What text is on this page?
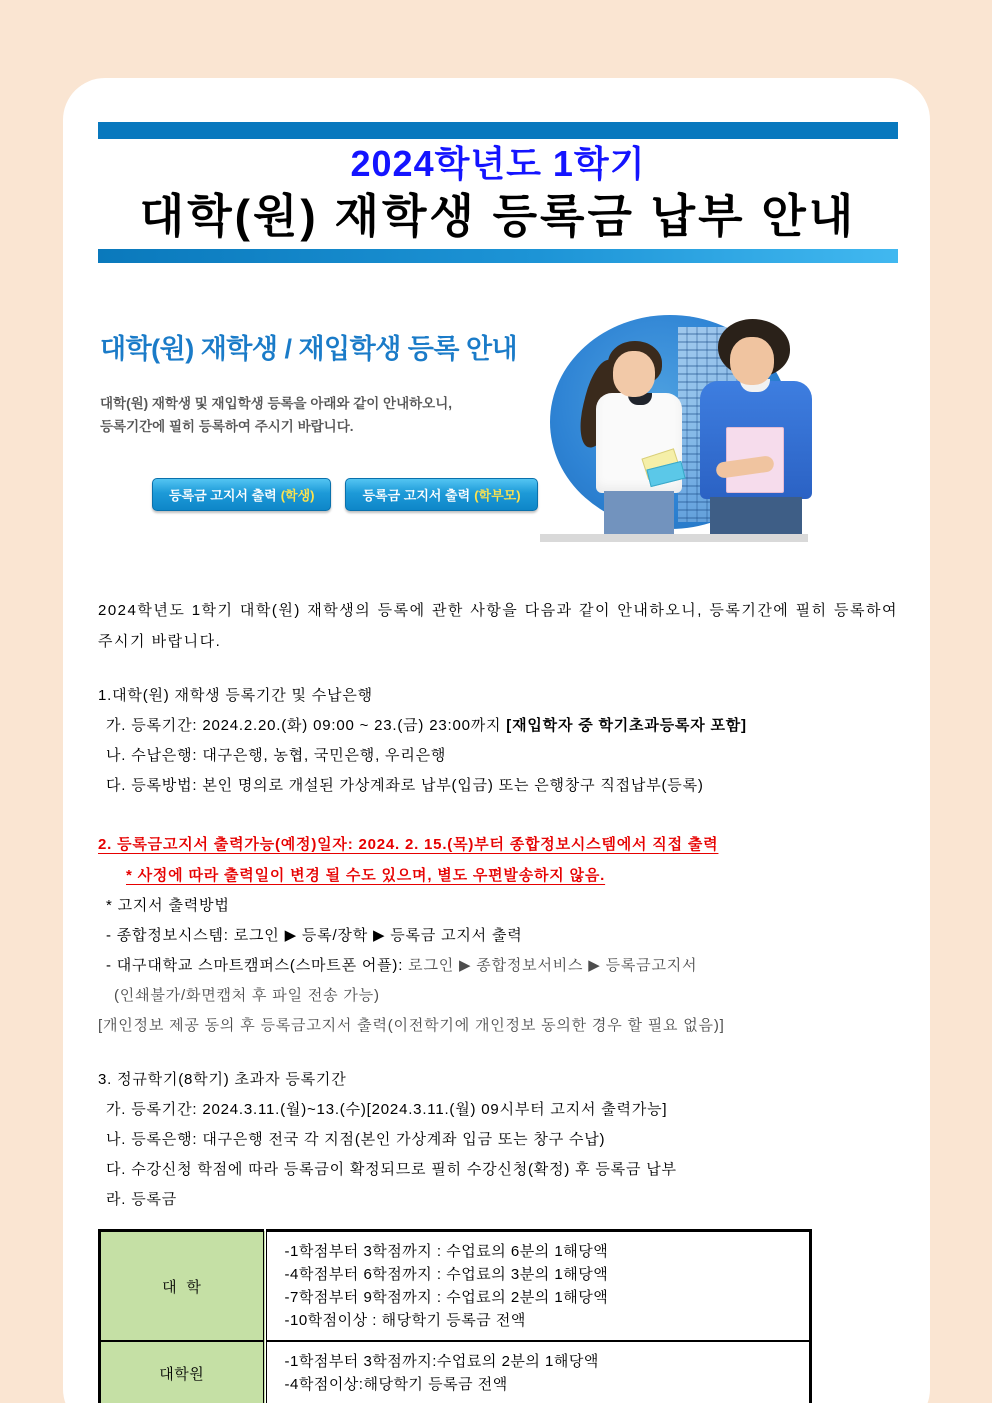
2024학년도 1학기
대학(원) 재학생 등록금 납부 안내
대학(원) 재학생 / 재입학생 등록 안내
대학(원) 재학생 및 재입학생 등록을 아래와 같이 안내하오니,
등록기간에 필히 등록하여 주시기 바랍니다.
등록금 고지서 출력 (학생)	등록금 고지서 출력 (학부모)

2024학년도 1학기 대학(원) 재학생의 등록에 관한 사항을 다음과 같이 안내하오니, 등록기간에 필히 등록하여 주시기 바랍니다.

1.대학(원) 재학생 등록기간 및 수납은행
가. 등록기간: 2024.2.20.(화) 09:00 ~ 23.(금) 23:00까지 [재입학자 중 학기초과등록자 포함]
나. 수납은행: 대구은행, 농협, 국민은행, 우리은행
다. 등록방법: 본인 명의로 개설된 가상계좌로 납부(입금) 또는 은행창구 직접납부(등록)
2. 등록금고지서 출력가능(예정)일자: 2024. 2. 15.(목)부터 종합정보시스템에서 직접 출력
* 사정에 따라 출력일이 변경 될 수도 있으며, 별도 우편발송하지 않음.
* 고지서 출력방법
- 종합정보시스템: 로그인 ▶ 등록/장학 ▶ 등록금 고지서 출력
- 대구대학교 스마트캠퍼스(스마트폰 어플): 로그인 ▶ 종합정보서비스 ▶ 등록금고지서
(인쇄불가/화면캡처 후 파일 전송 가능)
[개인정보 제공 동의 후 등록금고지서 출력(이전학기에 개인정보 동의한 경우 할 필요 없음)]
3. 정규학기(8학기) 초과자 등록기간
가. 등록기간: 2024.3.11.(월)~13.(수)[2024.3.11.(월) 09시부터 고지서 출력가능]
나. 등록은행: 대구은행 전국 각 지점(본인 가상계좌 입금 또는 창구 수납)
다. 수강신청 학점에 따라 등록금이 확정되므로 필히 수강신청(확정) 후 등록금 납부
라. 등록금
대  학	-1학점부터 3학점까지 : 수업료의 6분의 1해당액
-4학점부터 6학점까지 : 수업료의 3분의 1해당액
-7학점부터 9학점까지 : 수업료의 2분의 1해당액
-10학점이상 : 해당학기 등록금 전액

대학원	-1학점부터 3학점까지:수업료의 2분의 1해당액
-4학점이상:해당학기 등록금 전액
